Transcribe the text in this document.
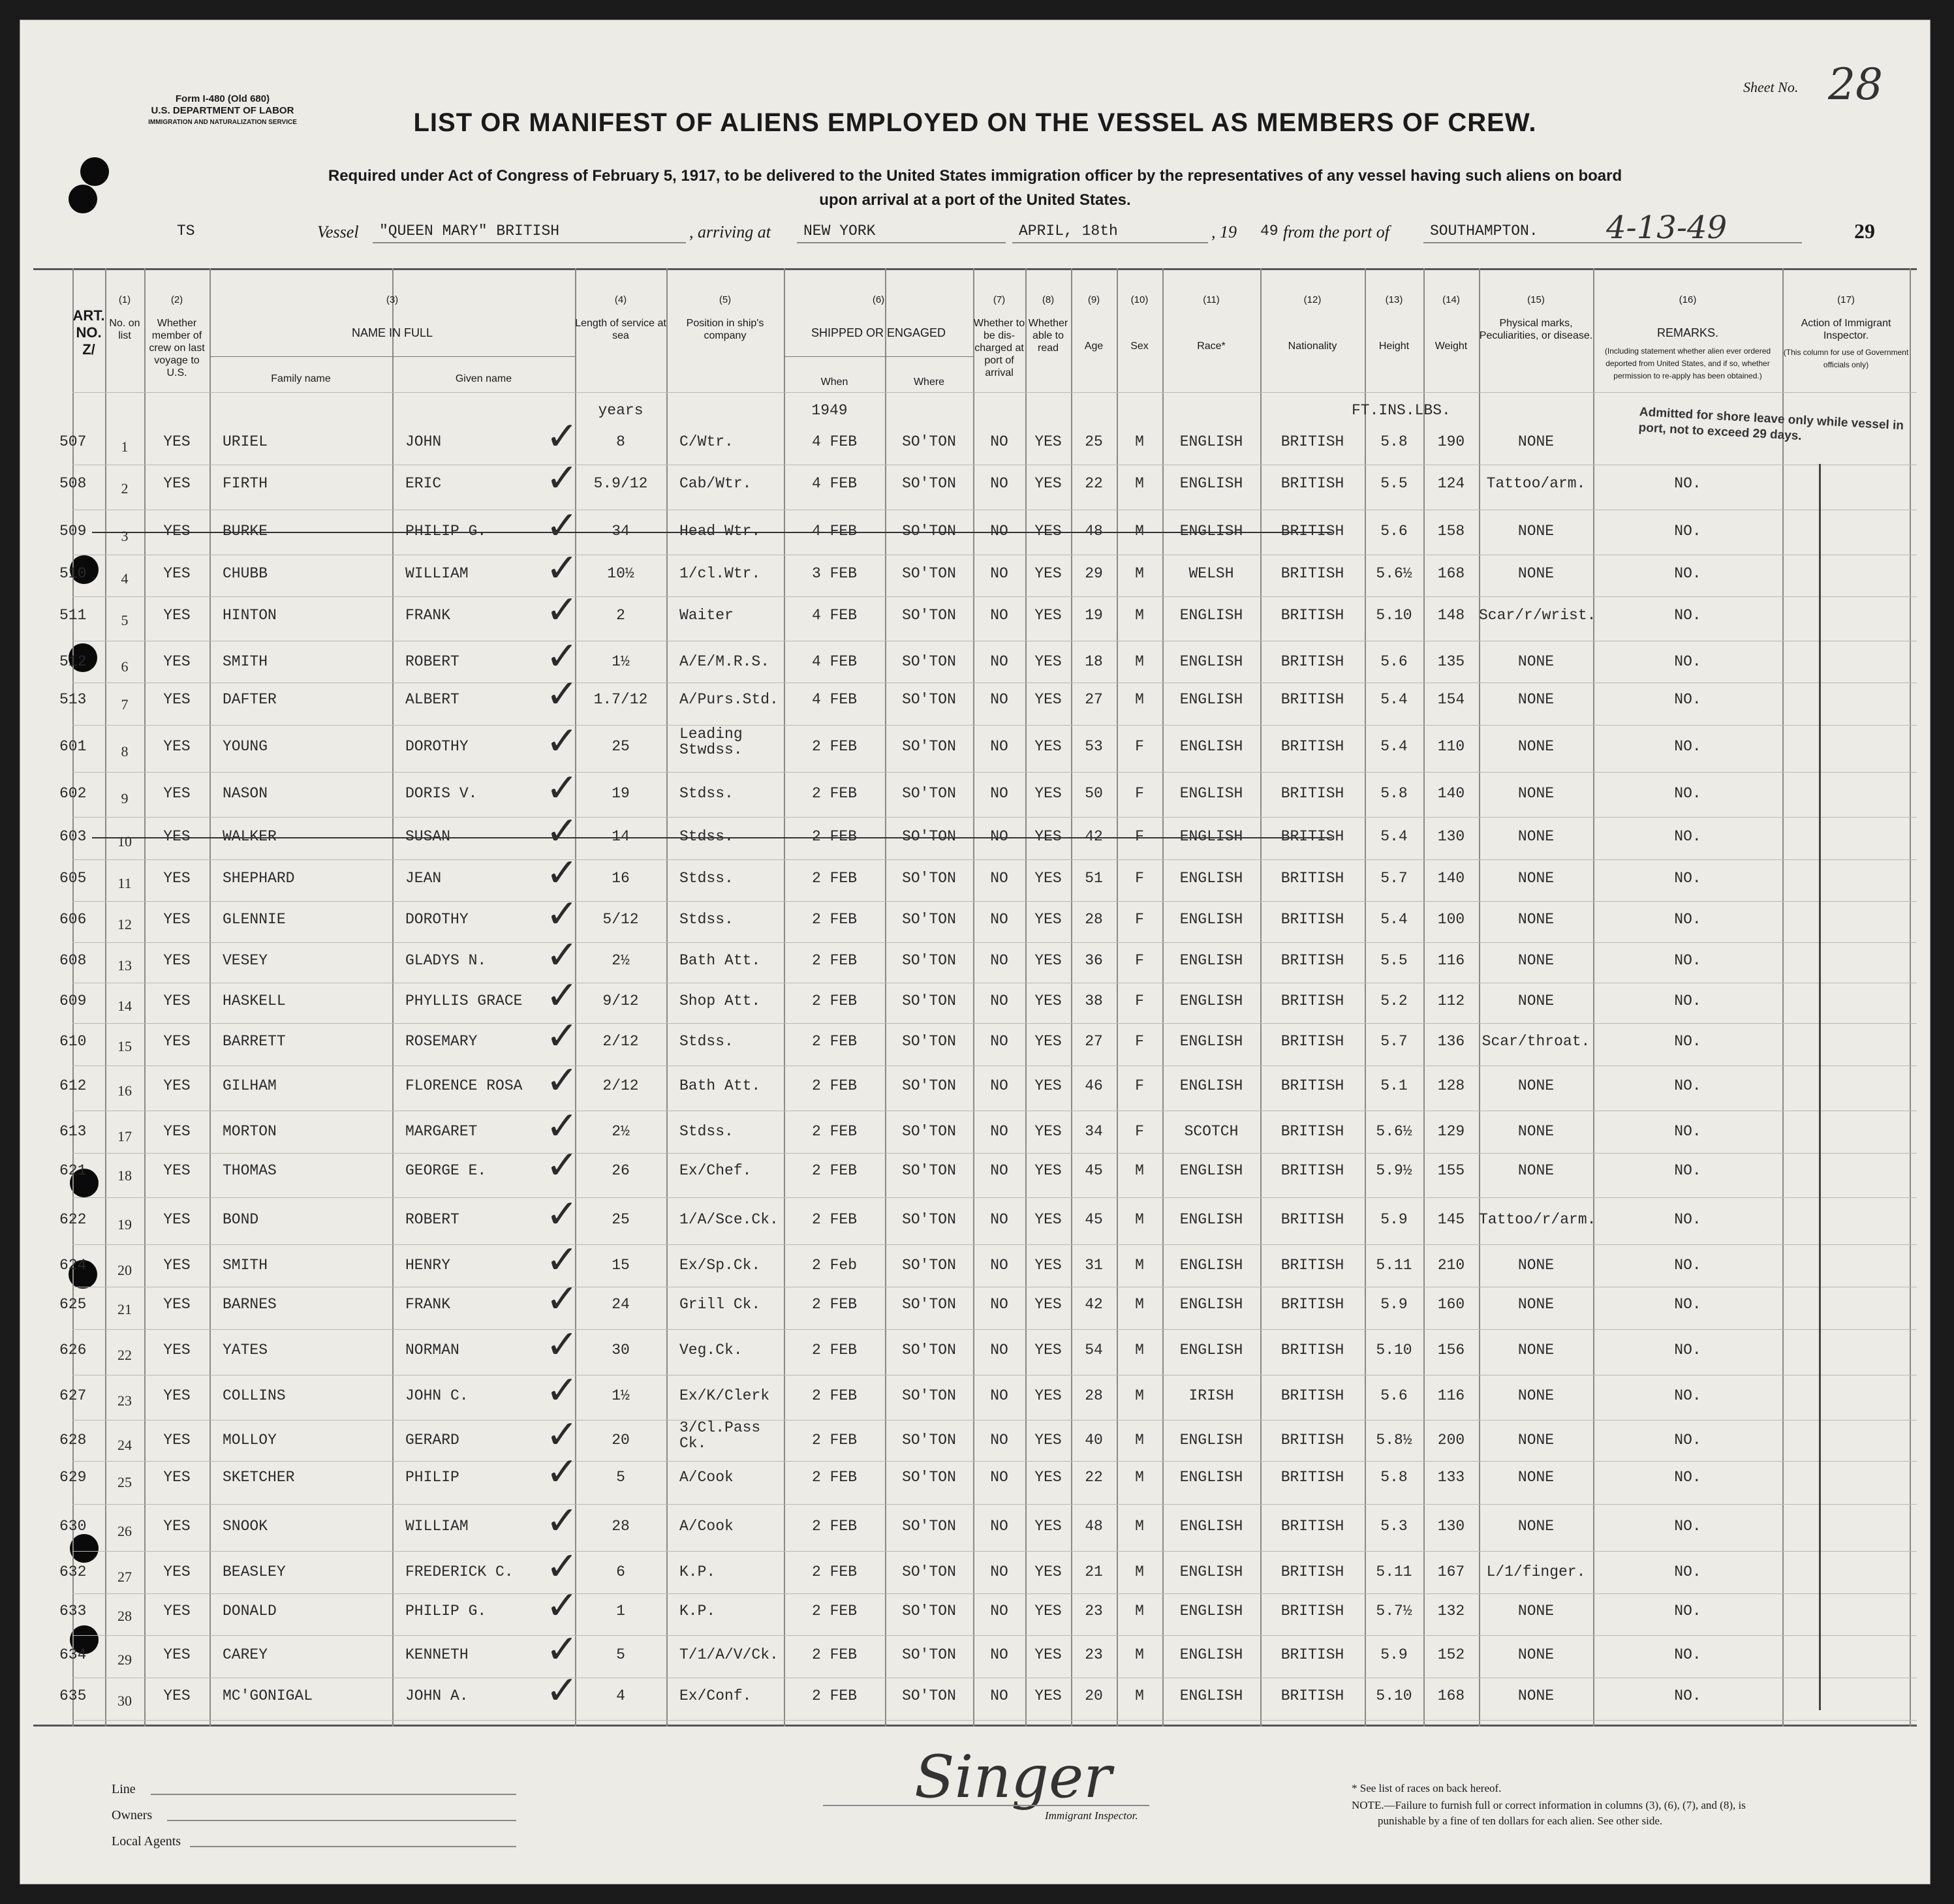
Form I-480 (Old 680)
U.S. DEPARTMENT OF LABOR
IMMIGRATION AND NATURALIZATION SERVICE
Sheet No. 28
29
LIST OR MANIFEST OF ALIENS EMPLOYED ON THE VESSEL AS MEMBERS OF CREW.
Required under Act of Congress of February 5, 1917, to be delivered to the United States immigration officer by the representatives of any vessel having such aliens on board
upon arrival at a port of the United States.
TS	Vessel "QUEEN MARY" BRITISH	, arriving at NEW YORK	APRIL, 18th	, 19 49 from the port of	SOUTHAMPTON. 4-13-49
ART. NO. Z/
(1)
No. on list
(2)
Whether member of crew on last voyage to U.S.
(3)
NAME IN FULL
(4)
Length of service at sea
(5)
Position in ship's company
(6)
SHIPPED OR ENGAGED
(7)
Whether to be dis-charged at port of arrival
(8)
Whether able to read
(9)
Age
(10)
Sex
(11)
Race*
(12)
Nationality
(13)
Height
(14)
Weight
(15)
Physical marks, Peculiarities, or disease.
(16)
REMARKS.
(17)
Action of Immigrant Inspector.
Family name	Given name	When	Where
(Including statement whether alien ever ordered deported from United States, and if so, whether permission to re-apply has been obtained.)
(This column for use of Government officials only)
years	1949	FT.INS.LBS.	Admitted for shore leave only while vessel in port, not to exceed 29 days.
507	1	YES	URIEL	JOHN	8	C/Wtr.	4 FEB	SO'TON	NO	YES	25	M	ENGLISH	BRITISH	5.8	190	NONE
✓
508	2	YES	FIRTH	ERIC	5.9/12	Cab/Wtr.	4 FEB	SO'TON	NO	YES	22	M	ENGLISH	BRITISH	5.5	124	Tattoo/arm.	NO.
✓
509	3	YES	BURKE	PHILIP G.	34	Head Wtr.	4 FEB	SO'TON	NO	YES	48	M	ENGLISH	BRITISH	5.6	158	NONE	NO.
✓
510	4	YES	CHUBB	WILLIAM	10½	1/cl.Wtr.	3 FEB	SO'TON	NO	YES	29	M	WELSH	BRITISH	5.6½	168	NONE	NO.
✓
511	5	YES	HINTON	FRANK	2	Waiter	4 FEB	SO'TON	NO	YES	19	M	ENGLISH	BRITISH	5.10	148 Scar/r/wrist.	NO.
✓
512	6	YES	SMITH	ROBERT	1½	A/E/M.R.S.	4 FEB	SO'TON	NO	YES	18	M	ENGLISH	BRITISH	5.6	135	NONE	NO.
✓
513	7	YES	DAFTER	ALBERT	1.7/12	A/Purs.Std.	4 FEB	SO'TON	NO	YES	27	M	ENGLISH	BRITISH	5.4	154	NONE	NO.
✓
601	8	YES	YOUNG	DOROTHY	25
Leading Stwdss.	2 FEB	SO'TON	NO	YES	53	F	ENGLISH	BRITISH	5.4	110	NONE	NO.
✓
602	9	YES	NASON	DORIS V.	19	Stdss.	2 FEB	SO'TON	NO	YES	50	F	ENGLISH	BRITISH	5.8	140	NONE	NO.
✓
603	10	YES	WALKER	SUSAN	14	Stdss.	2 FEB	SO'TON	NO	YES	42	F	ENGLISH	BRITISH	5.4	130	NONE	NO.
✓
605	11	YES	SHEPHARD	JEAN	16	Stdss.	2 FEB	SO'TON	NO	YES	51	F	ENGLISH	BRITISH	5.7	140	NONE	NO.
✓
606	12	YES	GLENNIE	DOROTHY	5/12	Stdss.	2 FEB	SO'TON	NO	YES	28	F	ENGLISH	BRITISH	5.4	100	NONE	NO.
✓
608	13	YES	VESEY	GLADYS N.	2½	Bath Att.	2 FEB	SO'TON	NO	YES	36	F	ENGLISH	BRITISH	5.5	116	NONE	NO.
✓
609	14	YES	HASKELL	PHYLLIS GRACE	9/12	Shop Att.	2 FEB	SO'TON	NO	YES	38	F	ENGLISH	BRITISH	5.2	112	NONE	NO.
✓
610	15	YES	BARRETT	ROSEMARY	2/12	Stdss.	2 FEB	SO'TON	NO	YES	27	F	ENGLISH	BRITISH	5.7	136	Scar/throat.	NO.
✓
612	16	YES	GILHAM	FLORENCE ROSA	2/12	Bath Att.	2 FEB	SO'TON	NO	YES	46	F	ENGLISH	BRITISH	5.1	128	NONE	NO.
✓
613	17	YES	MORTON	MARGARET	2½	Stdss.	2 FEB	SO'TON	NO	YES	34	F	SCOTCH	BRITISH	5.6½	129	NONE	NO.
✓
621	18	YES	THOMAS	GEORGE E.	26	Ex/Chef.	2 FEB	SO'TON	NO	YES	45	M	ENGLISH	BRITISH	5.9½	155	NONE	NO.
✓
622	19	YES	BOND	ROBERT	25	1/A/Sce.Ck.	2 FEB	SO'TON	NO	YES	45	M	ENGLISH	BRITISH	5.9	145 Tattoo/r/arm.	NO.
✓
624	20	YES	SMITH	HENRY	15	Ex/Sp.Ck.	2 Feb	SO'TON	NO	YES	31	M	ENGLISH	BRITISH	5.11	210	NONE	NO.
✓
625	21	YES	BARNES	FRANK	24	Grill Ck.	2 FEB	SO'TON	NO	YES	42	M	ENGLISH	BRITISH	5.9	160	NONE	NO.
✓
626	22	YES	YATES	NORMAN	30	Veg.Ck.	2 FEB	SO'TON	NO	YES	54	M	ENGLISH	BRITISH	5.10	156	NONE	NO.
✓
627	23	YES	COLLINS	JOHN C.	1½	Ex/K/Clerk	2 FEB	SO'TON	NO	YES	28	M	IRISH	BRITISH	5.6	116	NONE	NO.
✓
628	24	YES	MOLLOY	GERARD	20
3/Cl.Pass Ck.	2 FEB	SO'TON	NO	YES	40	M	ENGLISH	BRITISH	5.8½	200	NONE	NO.
✓
629	25	YES	SKETCHER	PHILIP	5	A/Cook	2 FEB	SO'TON	NO	YES	22	M	ENGLISH	BRITISH	5.8	133	NONE	NO.
✓
630	26	YES	SNOOK	WILLIAM	28	A/Cook	2 FEB	SO'TON	NO	YES	48	M	ENGLISH	BRITISH	5.3	130	NONE	NO.
✓
632	27	YES	BEASLEY	FREDERICK C.	6	K.P.	2 FEB	SO'TON	NO	YES	21	M	ENGLISH	BRITISH	5.11	167	L/1/finger.	NO.
✓
633	28	YES	DONALD	PHILIP G.	1	K.P.	2 FEB	SO'TON	NO	YES	23	M	ENGLISH	BRITISH	5.7½	132	NONE	NO.
✓
634	29	YES	CAREY	KENNETH	5	T/1/A/V/Ck.	2 FEB	SO'TON	NO	YES	23	M	ENGLISH	BRITISH	5.9	152	NONE	NO.
✓
635	30	YES	MC'GONIGAL	JOHN A.	4	Ex/Conf.	2 FEB	SO'TON	NO	YES	20	M	ENGLISH	BRITISH	5.10	168	NONE	NO.
✓
Line
Owners
Local Agents
Singer
Immigrant Inspector.
* See list of races on back hereof.
NOTE.—Failure to furnish full or correct information in columns (3), (6), (7), and (8), is
punishable by a fine of ten dollars for each alien. See other side.
